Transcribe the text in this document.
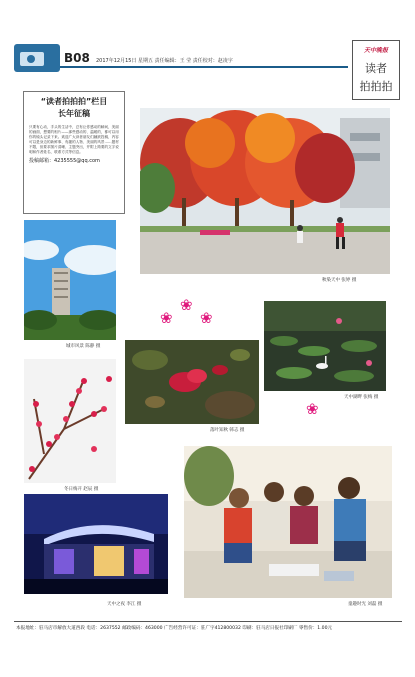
B08 2017年12月15日 星期五 责任编辑：王 莹 责任校对：赵凌宇
天中晚报
读者
拍拍拍
“读者拍拍拍”栏目
长年征稿
只要有心动，手头的生活中，总有让你感动的瞬间，美丽的画面，想要的相片——那些感动的、温暖的，都可以用你的镜头记录下来。欢迎广大读者朋友们踊跃投稿，内容可以是身边的新鲜事、有趣的人物、美丽的风景……题材不限，但要求图片清晰、主题突出，并附上简要的文字说明和作者姓名、联系方式等信息。
投稿邮箱：4235555@qq.com
秋染天中 张婷 摄
城市风景 陈静 摄
❀
❀
❀
❀
落叶知秋 韩志 摄
天中湖畔 张梅 摄
冬日梅开 赵辰 摄
天中之夜 李江 摄	童趣时光 刘磊 摄
本报地址：驻马店市解放大道西段 电话：2637552 邮政编码：463000 广告经营许可证：驻广字412800032 印刷：驻马店日报社印刷厂 零售价：1.00元
